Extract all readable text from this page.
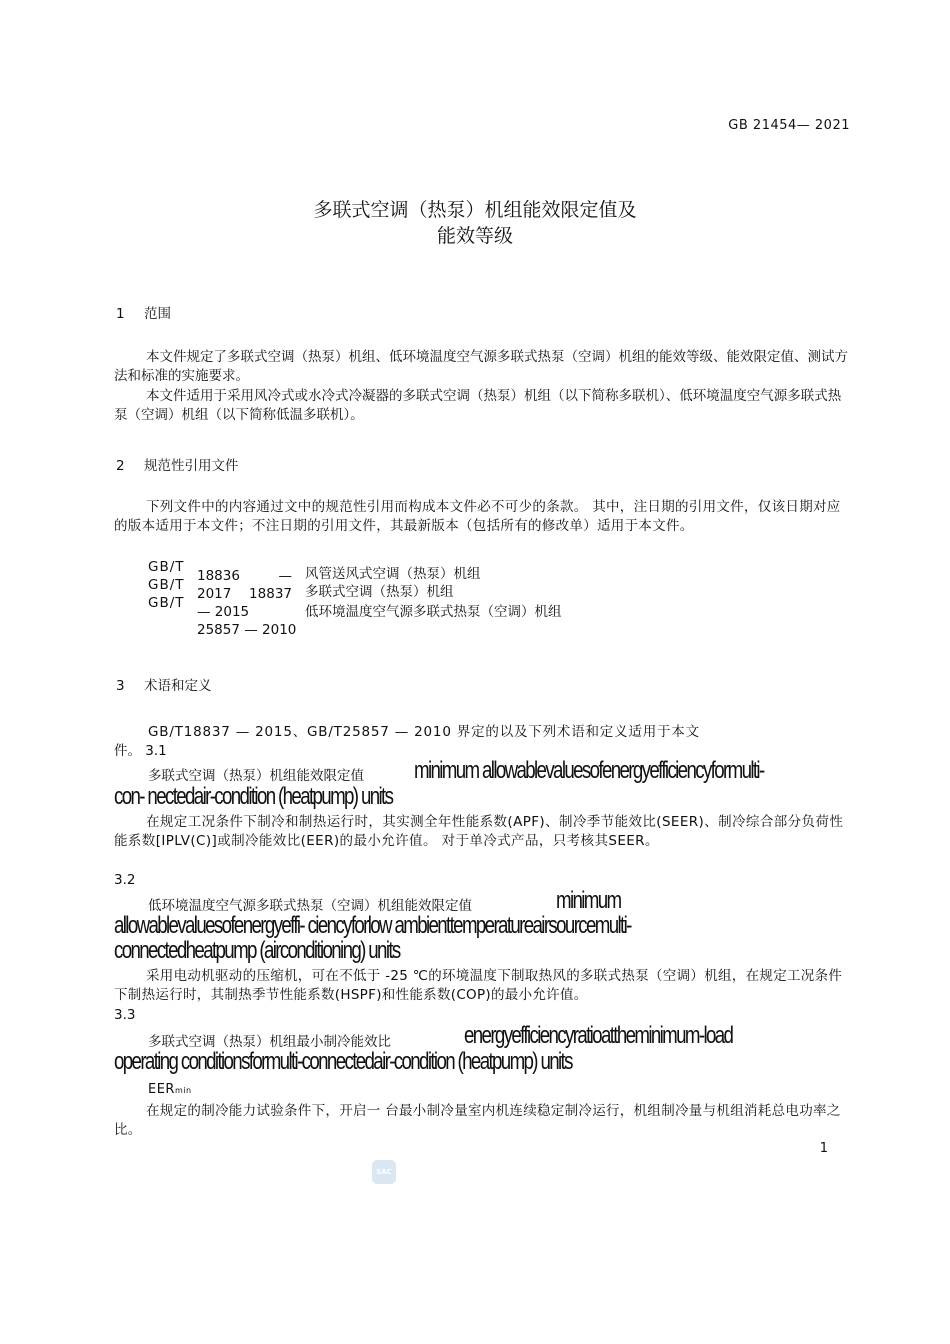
GB 21454— 2021
多联式空调（热泵）机组能效限定值及
能效等级
1 范围
本文件规定了多联式空调（热泵）机组、低环境温度空气源多联式热泵（空调）机组的能效等级、能效限定值、测试方法和标准的实施要求。
本文件适用于采用风冷式或水冷式冷凝器的多联式空调（热泵）机组（以下简称多联机）、低环境温度空气源多联式热泵（空调）机组（以下简称低温多联机）。
2 规范性引用文件
下列文件中的内容通过文中的规范性引用而构成本文件必不可少的条款。 其中，注日期的引用文件，仅该日期对应的版本适用于本文件；不注日期的引用文件，其最新版本（包括所有的修改单）适用于本文件。
GB/T
GB/T
GB/T
18836 —
2017 18837
— 2015
25857 — 2010
风管送风式空调（热泵）机组
多联式空调（热泵）机组
低环境温度空气源多联式热泵（空调）机组
3 术语和定义
GB/T18837 — 2015、GB/T25857 — 2010 界定的以及下列术语和定义适用于本文
件。 3.1
多联式空调（热泵）机组能效限定值 minimum allowablevaluesofenergyefficiencyformulti-
con- nectedair-condition (heatpump) units
在规定工况条件下制冷和制热运行时，其实测全年性能系数(APF)、制冷季节能效比(SEER)、制冷综合部分负荷性能系数[IPLV(C)]或制冷能效比(EER)的最小允许值。 对于单冷式产品，只考核其SEER。
3.2
低环境温度空气源多联式热泵（空调）机组能效限定值	minimum
allowablevaluesofenergyeffi- ciencyforlow ambienttemperatureairsourcemulti-
connectedheatpump (airconditioning) units
采用电动机驱动的压缩机，可在不低于 -25 ℃的环境温度下制取热风的多联式热泵（空调）机组，在规定工况条件下制热运行时，其制热季节性能系数(HSPF)和性能系数(COP)的最小允许值。
3.3
多联式空调（热泵）机组最小制冷能效比	energyefficiencyratioattheminimum-load
operating conditionsformulti-connectedair-condition (heatpump) units
EERmin
在规定的制冷能力试验条件下，开启一 台最小制冷量室内机连续稳定制冷运行，机组制冷量与机组消耗总电功率之比。
1
SAC
